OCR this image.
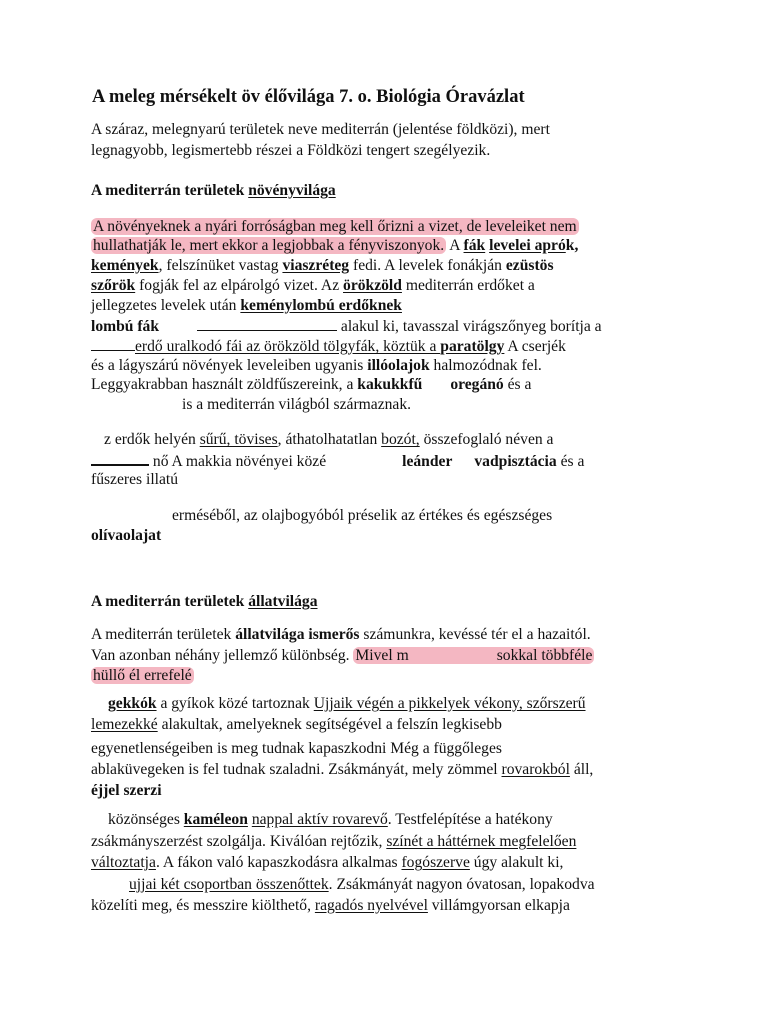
A meleg mérsékelt öv élővilága 7. o. Biológia Óravázlat
A száraz, melegnyarú területek neve mediterrán (jelentése földközi), mert
legnagyobb, legismertebb részei a Földközi tengert szegélyezik.
A mediterrán területek növényvilága
A növényeknek a nyári forróságban meg kell őrizni a vizet, de leveleiket nem
hullathatják le, mert ekkor a legjobbak a fényviszonyok. A fák levelei aprók,
kemények, felszínüket vastag viaszréteg fedi. A levelek fonákján ezüstös
szőrök fogják fel az elpárolgó vizet. Az örökzöld mediterrán erdőket a
jellegzetes levelek után keménylombú erdőknek
lombú fák	alakul ki, tavasszal virágszőnyeg borítja a
erdő uralkodó fái az örökzöld tölgyfák, köztük a paratölgy A cserjék
és a lágyszárú növények leveleiben ugyanis illóolajok halmozódnak fel.
Leggyakrabban használt zöldfűszereink, a kakukkfű oregánó és a
is a mediterrán világból származnak.
z erdők helyén sűrű, tövises, áthatolhatatlan bozót, összefoglaló néven a
nő A makkia növényei közé	leánder vadpisztácia és a
fűszeres illatú
erméséből, az olajbogyóból préselik az értékes és egészséges
olívaolajat
A mediterrán területek állatvilága
A mediterrán területek állatvilága ismerős számunkra, kevéssé tér el a hazaitól.
Van azonban néhány jellemző különbség. Mivel m	sokkal többféle
hüllő él errefelé
gekkók a gyíkok közé tartoznak Ujjaik végén a pikkelyek vékony, szőrszerű
lemezekké alakultak, amelyeknek segítségével a felszín legkisebb
egyenetlenségeiben is meg tudnak kapaszkodni Még a függőleges
ablaküvegeken is fel tudnak szaladni. Zsákmányát, mely zömmel rovarokból áll,
éjjel szerzi
közönséges kaméleon nappal aktív rovarevő. Testfelépítése a hatékony
zsákmányszerzést szolgálja. Kiválóan rejtőzik, színét a háttérnek megfelelően
változtatja. A fákon való kapaszkodásra alkalmas fogószerve úgy alakult ki,
ujjai két csoportban összenőttek. Zsákmányát nagyon óvatosan, lopakodva
közelíti meg, és messzire kiölthető, ragadós nyelvével villámgyorsan elkapja
